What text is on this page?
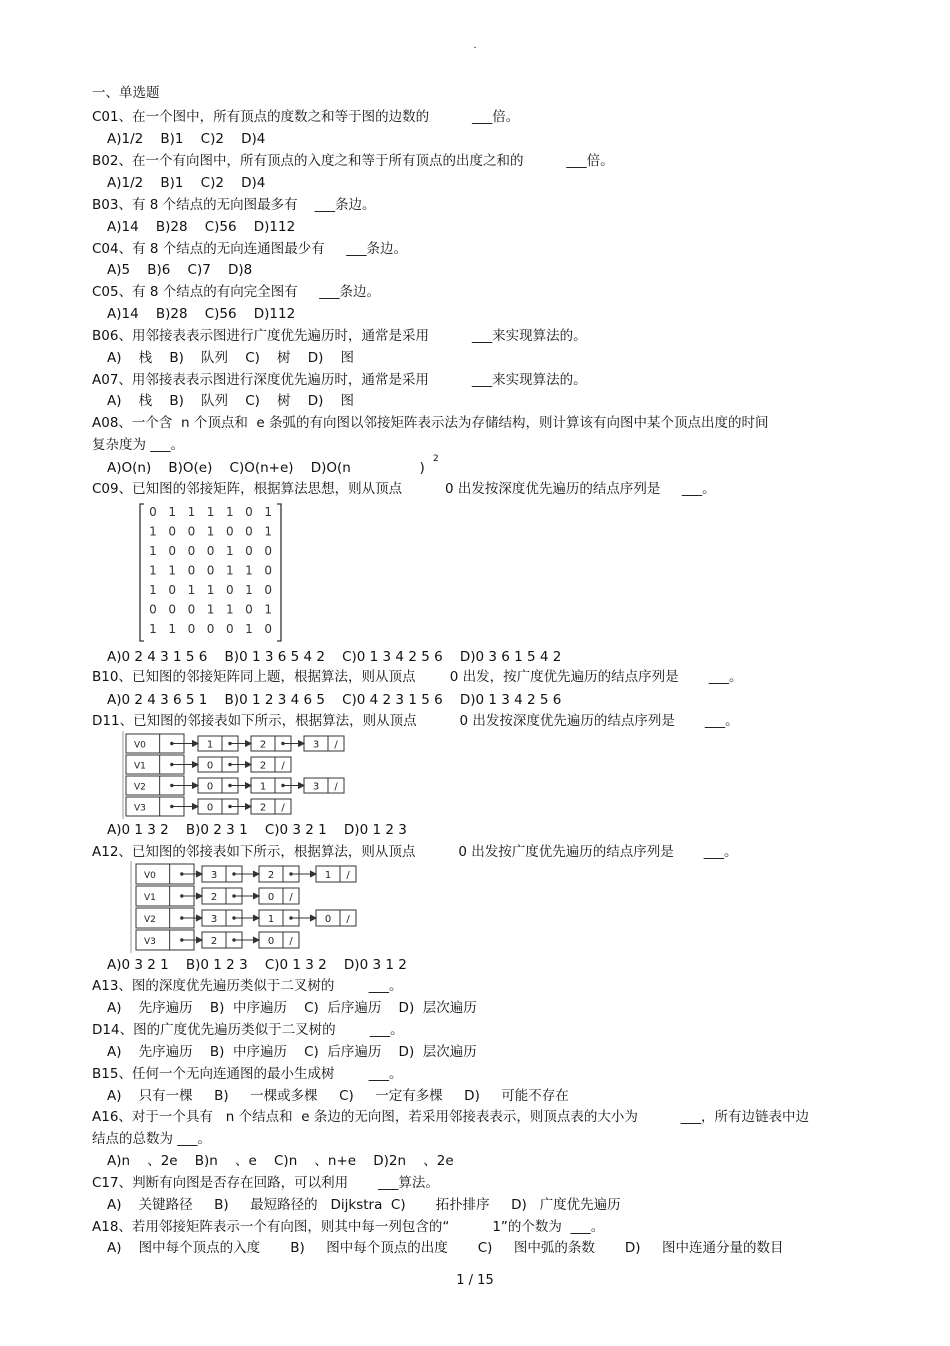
.
一、单选题
C01、在一个图中，所有顶点的度数之和等于图的边数的          ___倍。
A)1/2    B)1    C)2    D)4
B02、在一个有向图中，所有顶点的入度之和等于所有顶点的出度之和的          ___倍。
A)1/2    B)1    C)2    D)4
B03、有 8 个结点的无向图最多有    ___条边。
A)14    B)28    C)56    D)112
C04、有 8 个结点的无向连通图最少有     ___条边。
A)5    B)6    C)7    D)8
C05、有 8 个结点的有向完全图有     ___条边。
A)14    B)28    C)56    D)112
B06、用邻接表表示图进行广度优先遍历时，通常是采用          ___来实现算法的。
A)    栈    B)    队列    C)    树    D)    图
A07、用邻接表表示图进行深度优先遍历时，通常是采用          ___来实现算法的。
A)    栈    B)    队列    C)    树    D)    图
A08、一个含  n 个顶点和  e 条弧的有向图以邻接矩阵表示法为存储结构，则计算该有向图中某个顶点出度的时间
复杂度为 ___。
A)O(n)    B)O(e)    C)O(n+e)    D)O(n                )
2
C09、已知图的邻接矩阵，根据算法思想，则从顶点          0 出发按深度优先遍历的结点序列是     ___。
0 1 1 1 1 0 1
1 0 0 1 0 0 1
1 0 0 0 1 0 0
1 1 0 0 1 1 0
1 0 1 1 0 1 0
0 0 0 1 1 0 1
1 1 0 0 0 1 0
A)0 2 4 3 1 5 6    B)0 1 3 6 5 4 2    C)0 1 3 4 2 5 6    D)0 3 6 1 5 4 2
B10、已知图的邻接矩阵同上题，根据算法，则从顶点        0 出发，按广度优先遍历的结点序列是       ___。
A)0 2 4 3 6 5 1    B)0 1 2 3 4 6 5    C)0 4 2 3 1 5 6    D)0 1 3 4 2 5 6
D11、已知图的邻接表如下所示，根据算法，则从顶点          0 出发按深度优先遍历的结点序列是       ___。
V0	1	2	3 /
V1	0	2 /
V2	0	1	3 /
V3	0	2 /
A)0 1 3 2    B)0 2 3 1    C)0 3 2 1    D)0 1 2 3
A12、已知图的邻接表如下所示，根据算法，则从顶点          0 出发按广度优先遍历的结点序列是       ___。
V0	3	2	1 /
V1	2	0 /
V2	3	1	0 /
V3	2	0 /
A)0 3 2 1    B)0 1 2 3    C)0 1 3 2    D)0 3 1 2
A13、图的深度优先遍历类似于二叉树的        ___。
A)    先序遍历    B)  中序遍历    C)  后序遍历    D)  层次遍历
D14、图的广度优先遍历类似于二叉树的        ___。
A)    先序遍历    B)  中序遍历    C)  后序遍历    D)  层次遍历
B15、任何一个无向连通图的最小生成树        ___。
A)    只有一棵     B)     一棵或多棵     C)     一定有多棵     D)     可能不存在
A16、对于一个具有   n 个结点和  e 条边的无向图，若采用邻接表表示，则顶点表的大小为          ___，所有边链表中边
结点的总数为 ___。
A)n    、2e    B)n    、e    C)n    、n+e    D)2n    、2e
C17、判断有向图是否存在回路，可以利用       ___算法。
A)    关键路径     B)     最短路径的   Dijkstra  C)       拓扑排序     D)   广度优先遍历
A18、若用邻接矩阵表示一个有向图，则其中每一列包含的“          1”的个数为  ___。
A)    图中每个顶点的入度       B)     图中每个顶点的出度       C)     图中弧的条数       D)     图中连通分量的数目
1 / 15
